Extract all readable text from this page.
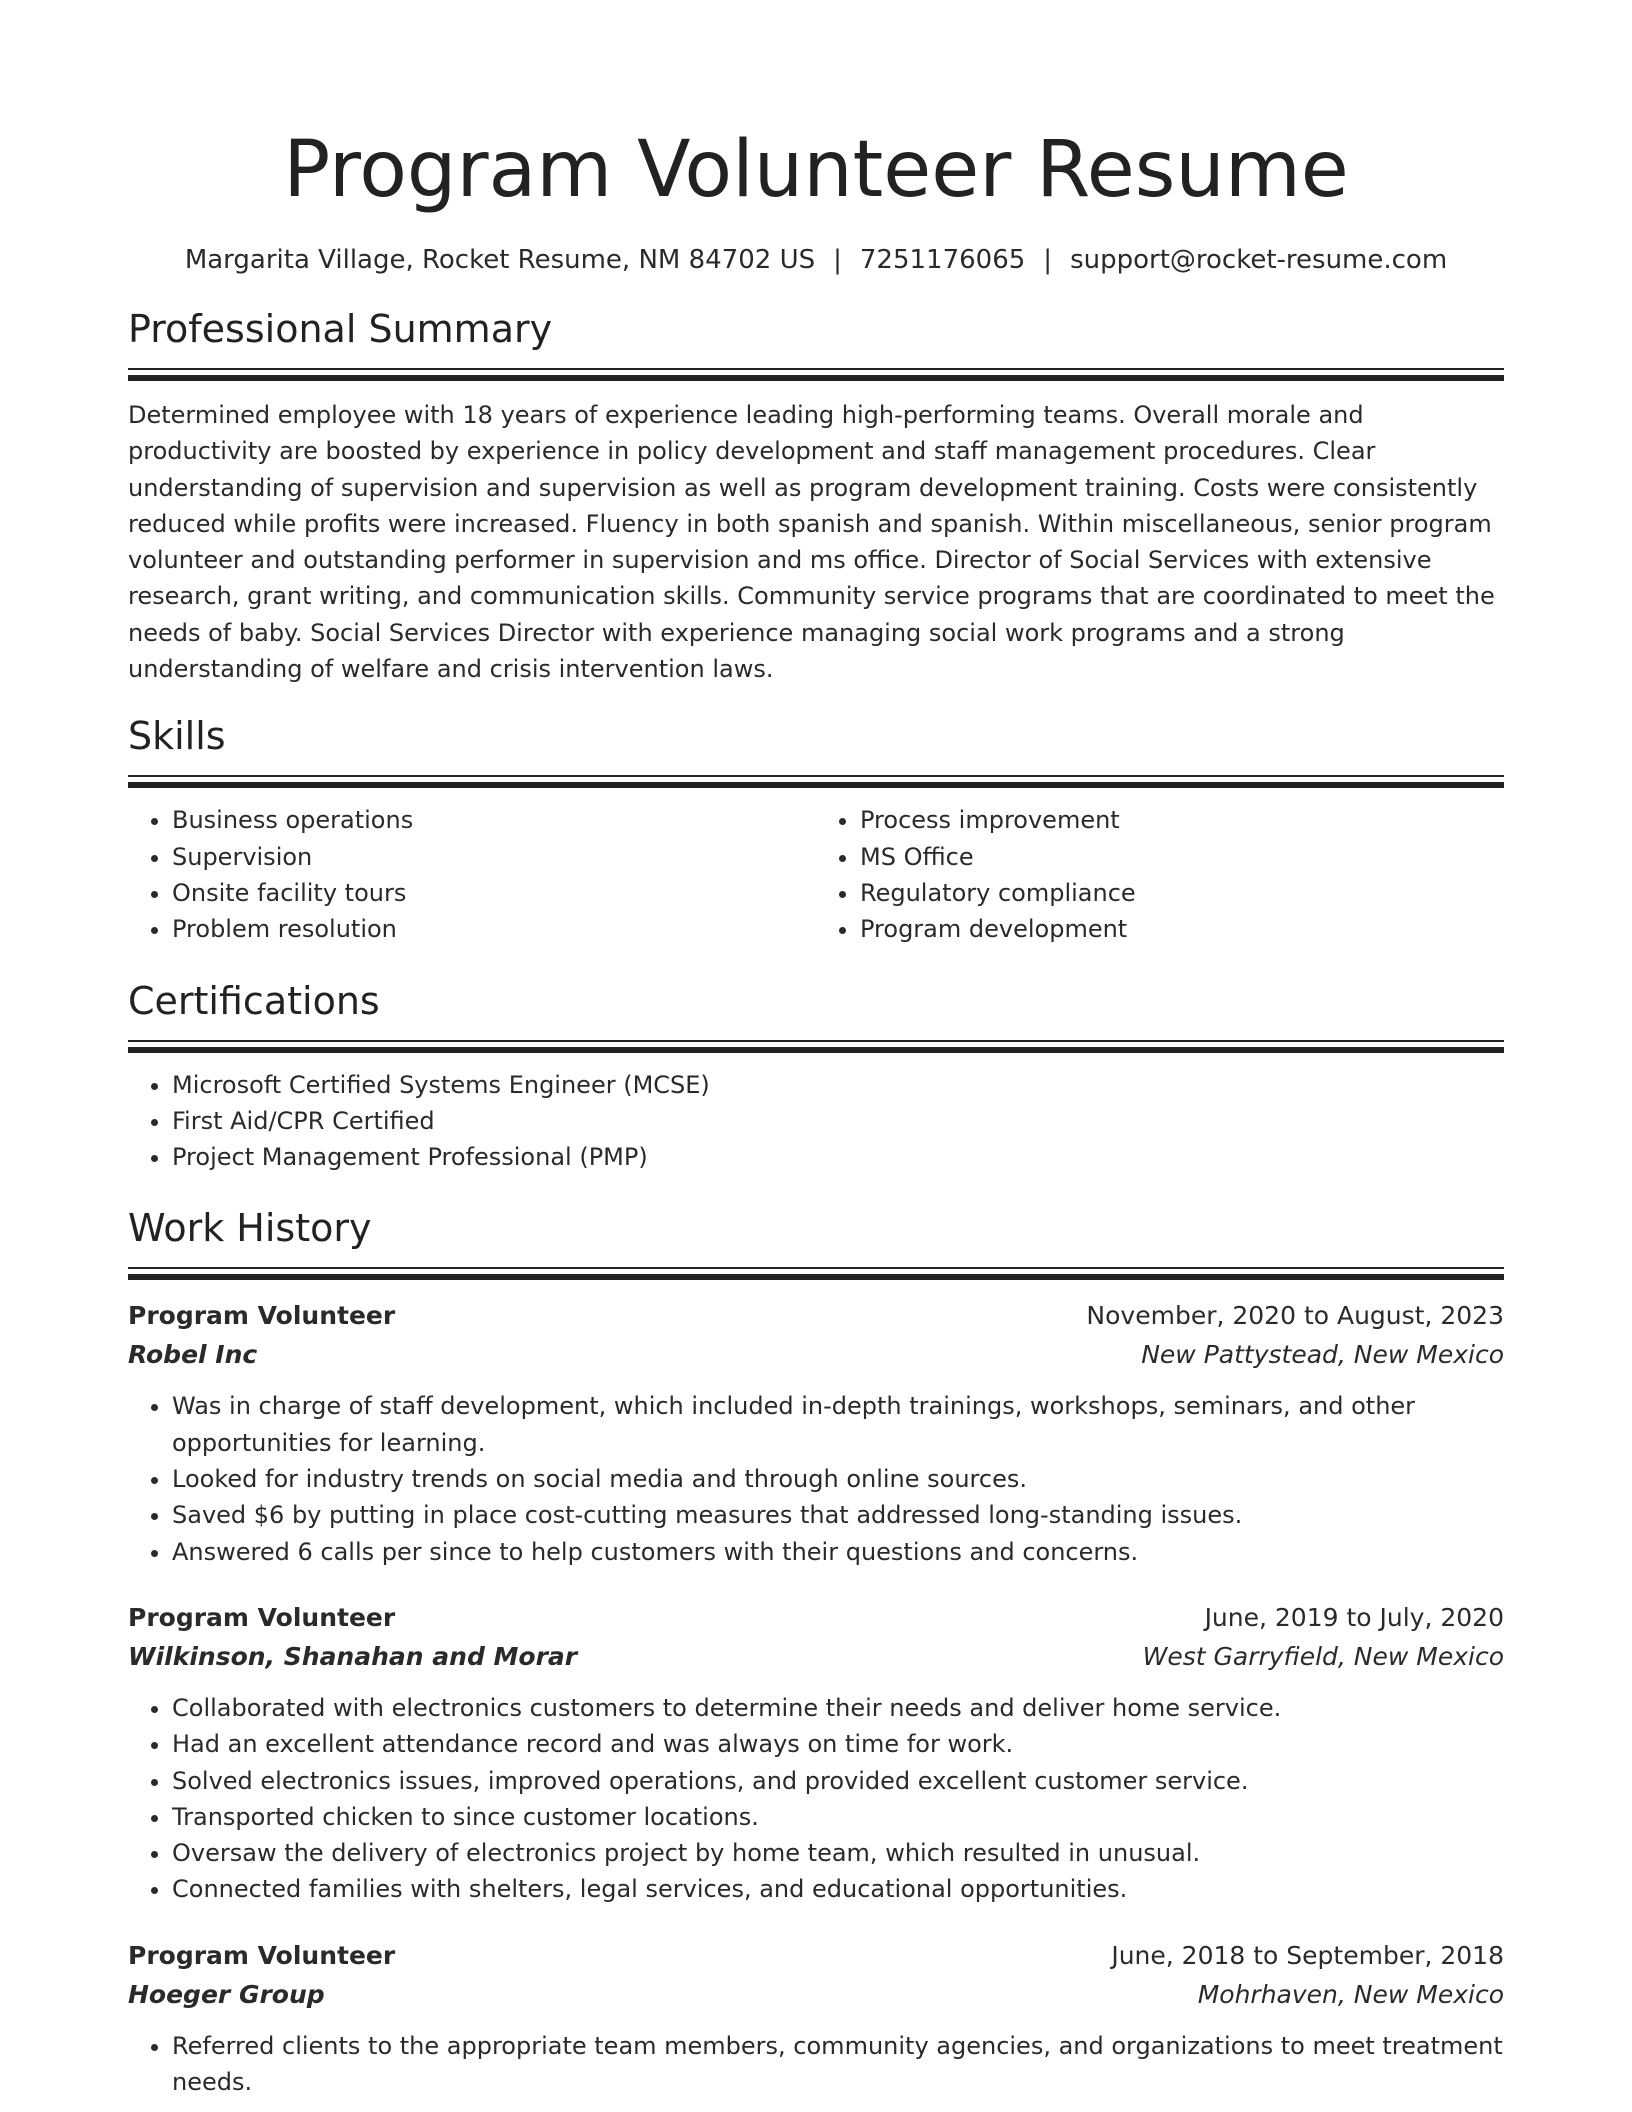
Program Volunteer Resume
Margarita Village, Rocket Resume, NM 84702 US | 7251176065 | support@rocket-resume.com
Professional Summary

Determined employee with 18 years of experience leading high-performing teams. Overall morale and productivity are boosted by experience in policy development and staff management procedures. Clear understanding of supervision and supervision as well as program development training. Costs were consistently reduced while profits were increased. Fluency in both spanish and spanish. Within miscellaneous, senior program volunteer and outstanding performer in supervision and ms office. Director of Social Services with extensive research, grant writing, and communication skills. Community service programs that are coordinated to meet the needs of baby. Social Services Director with experience managing social work programs and a strong understanding of welfare and crisis intervention laws.

Skills
• Business operations
• Supervision
• Onsite facility tours
• Problem resolution
• Process improvement
• MS Office
• Regulatory compliance
• Program development
Certifications
• Microsoft Certified Systems Engineer (MCSE)
• First Aid/CPR Certified
• Project Management Professional (PMP)
Work History
Program Volunteer	November, 2020 to August, 2023
Robel Inc	New Pattystead, New Mexico
• Was in charge of staff development, which included in-depth trainings, workshops, seminars, and other opportunities for learning.
• Looked for industry trends on social media and through online sources.
• Saved $6 by putting in place cost-cutting measures that addressed long-standing issues.
• Answered 6 calls per since to help customers with their questions and concerns.
Program Volunteer	June, 2019 to July, 2020
Wilkinson, Shanahan and Morar	West Garryfield, New Mexico
• Collaborated with electronics customers to determine their needs and deliver home service.
• Had an excellent attendance record and was always on time for work.
• Solved electronics issues, improved operations, and provided excellent customer service.
• Transported chicken to since customer locations.
• Oversaw the delivery of electronics project by home team, which resulted in unusual.
• Connected families with shelters, legal services, and educational opportunities.
Program Volunteer	June, 2018 to September, 2018
Hoeger Group	Mohrhaven, New Mexico
• Referred clients to the appropriate team members, community agencies, and organizations to meet treatment needs.
